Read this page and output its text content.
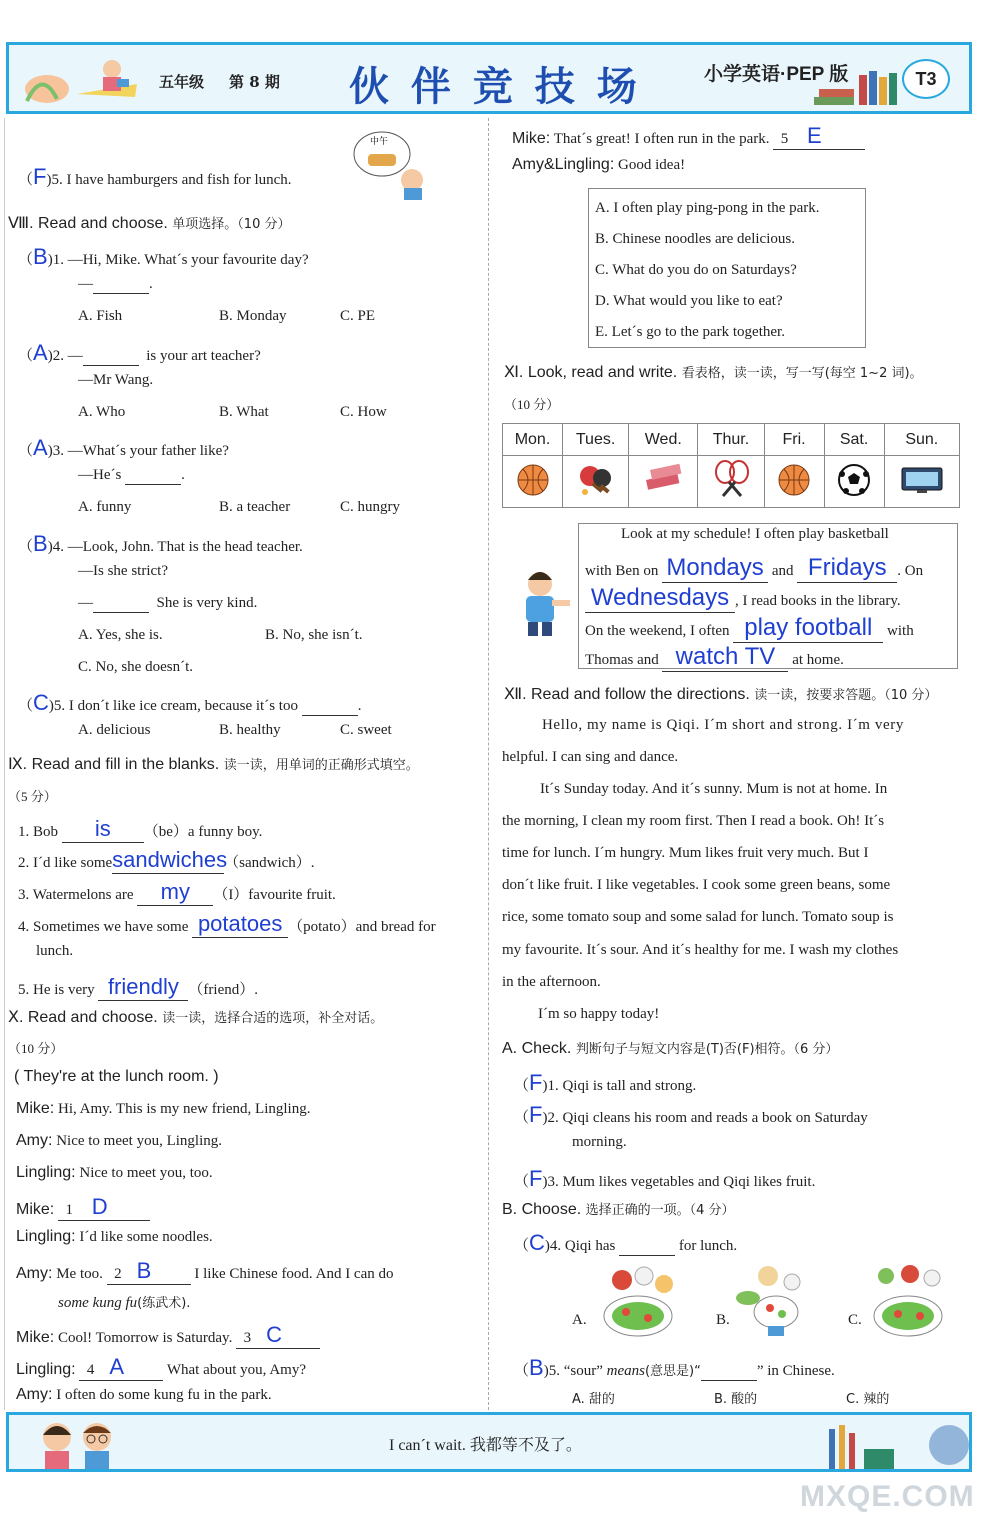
五年级 第 8 期 伙 伴 竞 技 场	小学英语·PEP 版	T3
（F)5. I have hamburgers and fish for lunch.
中午
Ⅷ. Read and choose. 单项选择。（10 分）
（B)1. —Hi, Mike. What´s your favourite day?
—	.
A. Fish	B. Monday	C. PE
（A)2. —	is your art teacher?
—Mr Wang.
A. Who	B. What	C. How
（A)3. —What´s your father like?
—He´s	.
A. funny	B. a teacher	C. hungry
（B)4. —Look, John. That is the head teacher.
—Is she strict?
—	She is very kind.
A. Yes, she is.	B. No, she isn´t.
C. No, she doesn´t.
（C)5. I don´t like ice cream, because it´s too	.
A. delicious	B. healthy	C. sweet
Ⅸ. Read and fill in the blanks. 读一读，用单词的正确形式填空。
（5 分）
1. Bob is （be）a funny boy.
2. I´d like somesandwiches（sandwich）.
3. Watermelons are my （I）favourite fruit.
4. Sometimes we have some potatoes （potato）and bread for
lunch.
5. He is very friendly （friend）.
Ⅹ. Read and choose. 读一读，选择合适的选项，补全对话。
（10 分）
( They're at the lunch room. )
Mike: Hi, Amy. This is my new friend, Lingling.
Amy: Nice to meet you, Lingling.
Lingling: Nice to meet you, too.
Mike: 1 D
Lingling: I´d like some noodles.
Amy: Me too. 2 B	I like Chinese food. And I can do
some kung fu(练武术).
Mike: Cool! Tomorrow is Saturday. 3 C
Lingling: 4 A	What about you, Amy?
Amy: I often do some kung fu in the park.
Mike: That´s great! I often run in the park. 5 E
Amy&Lingling: Good idea!
A. I often play ping-pong in the park.
B. Chinese noodles are delicious.
C. What do you do on Saturdays?
D. What would you like to eat?
E. Let´s go to the park together.
Ⅺ. Look, read and write. 看表格，读一读，写一写(每空 1~2 词)。
（10 分）
Mon.	Tues.	Wed.	Thur.	Fri.	Sat.	Sun.

Look at my schedule! I often play basketball
with Ben on Mondays and Fridays . On
Wednesdays , I read books in the library.
On the weekend, I often play football with
Thomas and watch TV at home.
Ⅻ. Read and follow the directions. 读一读，按要求答题。（10 分）
Hello, my name is Qiqi. I´m short and strong. I´m very
helpful. I can sing and dance.
It´s Sunday today. And it´s sunny. Mum is not at home. In
the morning, I clean my room first. Then I read a book. Oh! It´s
time for lunch. I´m hungry. Mum likes fruit very much. But I
don´t like fruit. I like vegetables. I cook some green beans, some
rice, some tomato soup and some salad for lunch. Tomato soup is
my favourite. It´s sour. And it´s healthy for me. I wash my clothes
in the afternoon.
I´m so happy today!
A. Check. 判断句子与短文内容是(T)否(F)相符。（6 分）
（F)1. Qiqi is tall and strong.
（F)2. Qiqi cleans his room and reads a book on Saturday
morning.
（F)3. Mum likes vegetables and Qiqi likes fruit.
B. Choose. 选择正确的一项。（4 分）
（C)4. Qiqi has	for lunch.
A.	B.	C.
（B)5. “sour” means(意思是)“	” in Chinese.
A. 甜的	B. 酸的	C. 辣的
I can´t wait. 我都等不及了。
MXQE.COM
